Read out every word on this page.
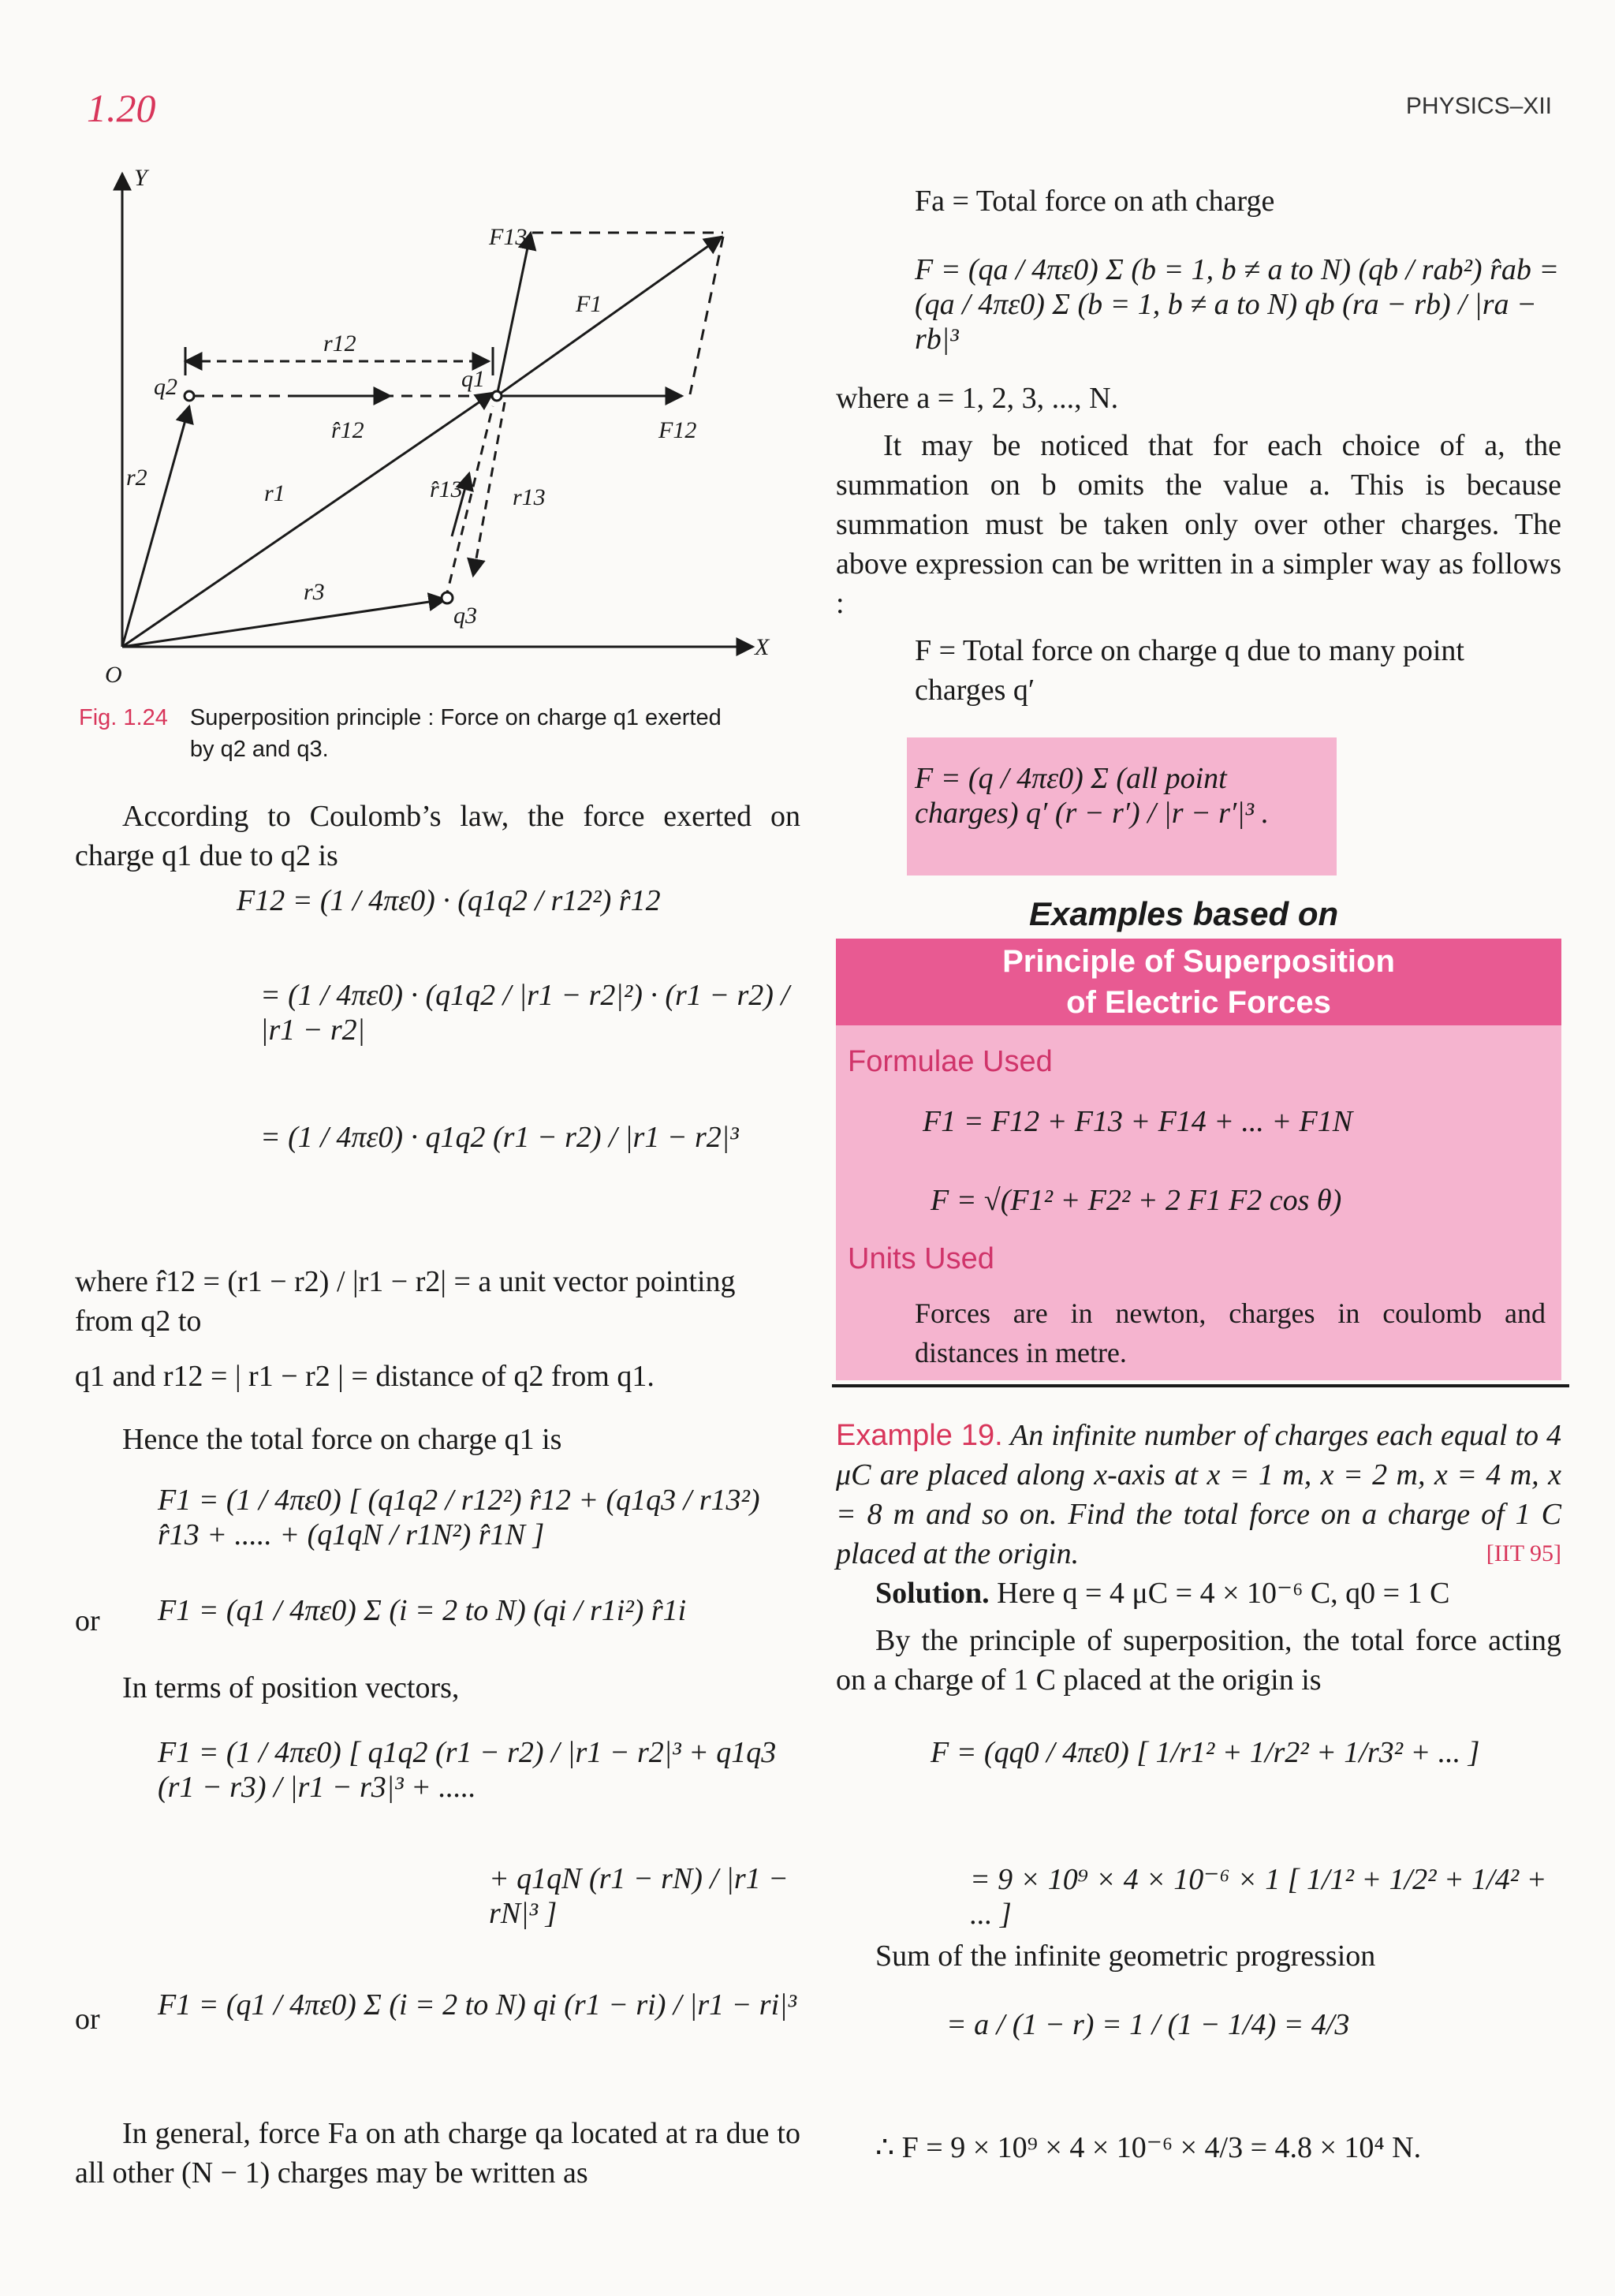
1.20	PHYSICS–XII
Y
X
O
F13
F1
r12
q2	q1
q3
r̂12	F12
r2
r1	r̂13 r13
r3
Fig. 1.24 Superposition principle : Force on charge q1 exerted by q2 and q3.
According to Coulomb’s law, the force exerted on charge q1 due to q2 is
F12 = (1 / 4πε0) · (q1q2 / r12²) r̂12
= (1 / 4πε0) · (q1q2 / |r1 − r2|²) · (r1 − r2) / |r1 − r2|
= (1 / 4πε0) · q1q2 (r1 − r2) / |r1 − r2|³
where r̂12 = (r1 − r2) / |r1 − r2| = a unit vector pointing from q2 to
q1 and r12 = | r1 − r2 | = distance of q2 from q1.
Hence the total force on charge q1 is
F1 = (1 / 4πε0) [ (q1q2 / r12²) r̂12 + (q1q3 / r13²) r̂13 + ..... + (q1qN / r1N²) r̂1N ]
or F1 = (q1 / 4πε0) Σ (i = 2 to N) (qi / r1i²) r̂1i
In terms of position vectors,
F1 = (1 / 4πε0) [ q1q2 (r1 − r2) / |r1 − r2|³ + q1q3 (r1 − r3) / |r1 − r3|³ + .....
+ q1qN (r1 − rN) / |r1 − rN|³ ]
or F1 = (q1 / 4πε0) Σ (i = 2 to N) qi (r1 − ri) / |r1 − ri|³
In general, force Fa on ath charge qa located at ra due to all other (N − 1) charges may be written as
Fa = Total force on ath charge
F = (qa / 4πε0) Σ (b = 1, b ≠ a to N) (qb / rab²) r̂ab = (qa / 4πε0) Σ (b = 1, b ≠ a to N) qb (ra − rb) / |ra − rb|³
where a = 1, 2, 3, ..., N.
It may be noticed that for each choice of a, the summation on b omits the value a. This is because summation must be taken only over other charges. The above expression can be written in a simpler way as follows :
F = Total force on charge q due to many point charges q′
F = (q / 4πε0) Σ (all point charges) q′ (r − r′) / |r − r′|³ .
Examples based on
Principle of Superposition
of Electric Forces
Formulae Used
F1 = F12 + F13 + F14 + ... + F1N
F = √(F1² + F2² + 2 F1 F2 cos θ)
Units Used
Forces are in newton, charges in coulomb and distances in metre.
Example 19. An infinite number of charges each equal to 4 μC are placed along x-axis at x = 1 m, x = 2 m, x = 4 m, x = 8 m and so on. Find the total force on a charge of 1 C placed at the origin.	[IIT 95]
Solution. Here q = 4 μC = 4 × 10⁻⁶ C, q0 = 1 C
By the principle of superposition, the total force acting on a charge of 1 C placed at the origin is
F = (qq0 / 4πε0) [ 1/r1² + 1/r2² + 1/r3² + ... ]
= 9 × 10⁹ × 4 × 10⁻⁶ × 1 [ 1/1² + 1/2² + 1/4² + ... ]
Sum of the infinite geometric progression
= a / (1 − r) = 1 / (1 − 1/4) = 4/3
∴ F = 9 × 10⁹ × 4 × 10⁻⁶ × 4/3 = 4.8 × 10⁴ N.
